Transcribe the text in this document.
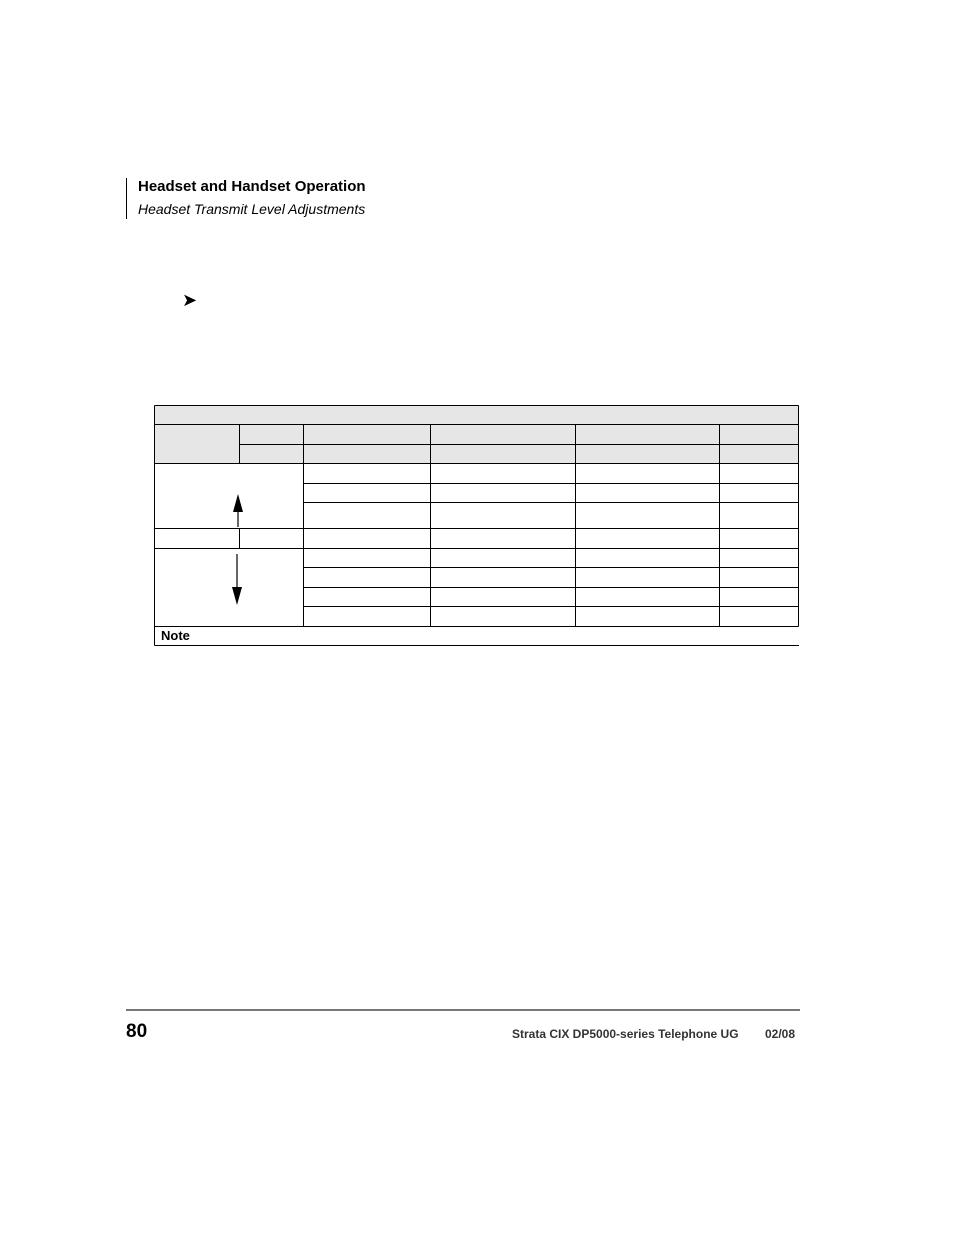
Headset and Handset Operation
Headset Transmit Level Adjustments
➤
Note
80	Strata CIX DP5000-series Telephone UG 02/08
